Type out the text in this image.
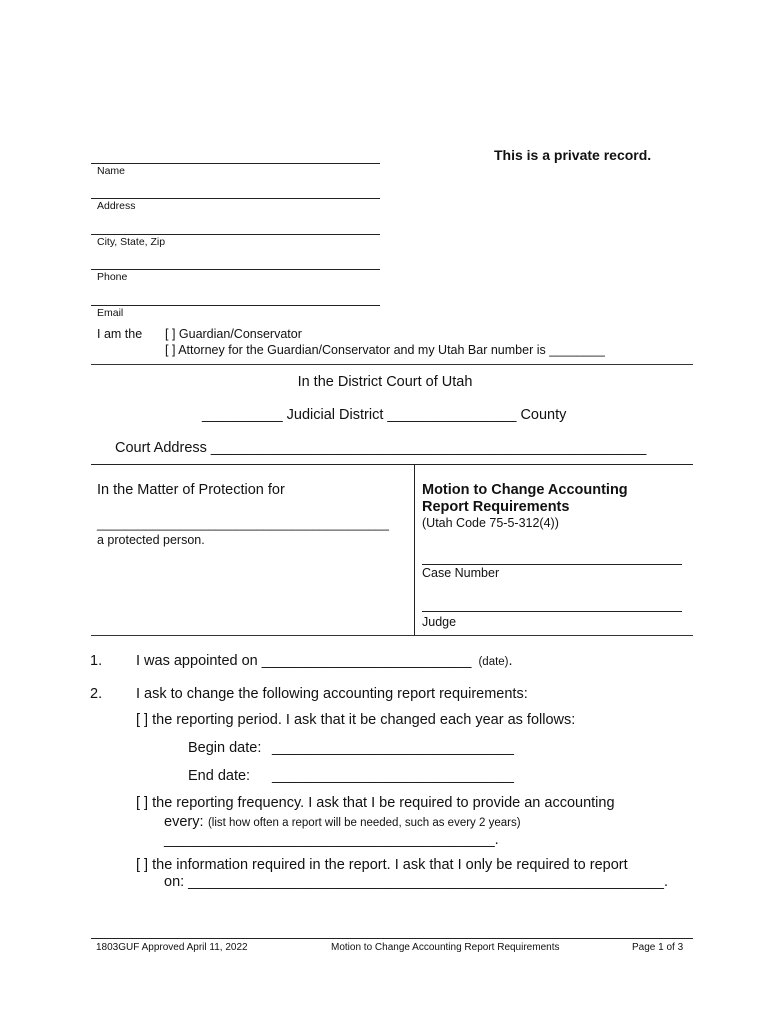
This is a private record.
Name
Address
City, State, Zip
Phone
Email
I am the [ ] Guardian/Conservator
[ ] Attorney for the Guardian/Conservator and my Utah Bar number is ________
In the District Court of Utah
__________ Judicial District ________________ County
Court Address ______________________________________________________
In the Matter of Protection for
__________________________________________
a protected person.
Motion to Change Accounting
Report Requirements
(Utah Code 75-5-312(4))
Case Number
Judge
1. I was appointed on __________________________ (date).
2. I ask to change the following accounting report requirements:
[ ] the reporting period. I ask that it be changed each year as follows:
Begin date: ______________________________
End date: ______________________________
[ ] the reporting frequency. I ask that I be required to provide an accounting
every: (list how often a report will be needed, such as every 2 years)
_________________________________________.
[ ] the information required in the report. I ask that I only be required to report
on: ___________________________________________________________.
1803GUF Approved April 11, 2022	Motion to Change Accounting Report Requirements	Page 1 of 3
